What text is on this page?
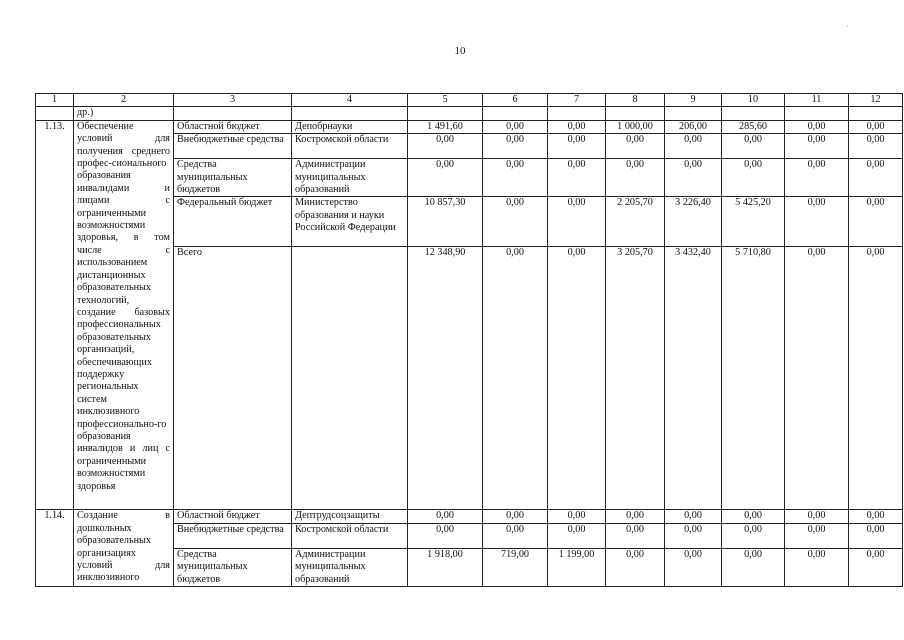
10
·
1	2	3	4	5	6	7	8	9	10	11	12
	др.)										
1.13.	Обеспечение условий для получения среднего профес-сионального образования инвалидами и лицами с ограниченными возможностями здоровья, в том числе с использованием дистанционных образовательных технологий, создание базовых профессиональных образовательных организаций, обеспечивающих поддержку региональных систем инклюзивного профессионально-го образования инвалидов и лиц с ограниченными возможностями здоровья	Областной бюджет	Депобрнауки	1 491,60	0,00	0,00	1 000,00	206,00	285,60	0,00	0,00
		Внебюджетные средства	Костромской области	0,00	0,00	0,00	0,00	0,00	0,00	0,00	0,00
		Средства муниципальных бюджетов	Администрации муниципальных образований	0,00	0,00	0,00	0,00	0,00	0,00	0,00	0,00
		Федеральный бюджет	Министерство образования и науки Российской Федерации	10 857,30	0,00	0,00	2 205,70	3 226,40	5 425,20	0,00	0,00
		Всего		12 348,90	0,00	0,00	3 205,70	3 432,40	5 710,80	0,00	0,00
1.14.	Создание в дошкольных образовательных организациях условий для инклюзивного	Областной бюджет	Дептрудсоцзащиты	0,00	0,00	0,00	0,00	0,00	0,00	0,00	0,00
		Внебюджетные средства	Костромской области	0,00	0,00	0,00	0,00	0,00	0,00	0,00	0,00
		Средства муниципальных бюджетов	Администрации муниципальных образований	1 918,00	719,00	1 199,00	0,00	0,00	0,00	0,00	0,00
